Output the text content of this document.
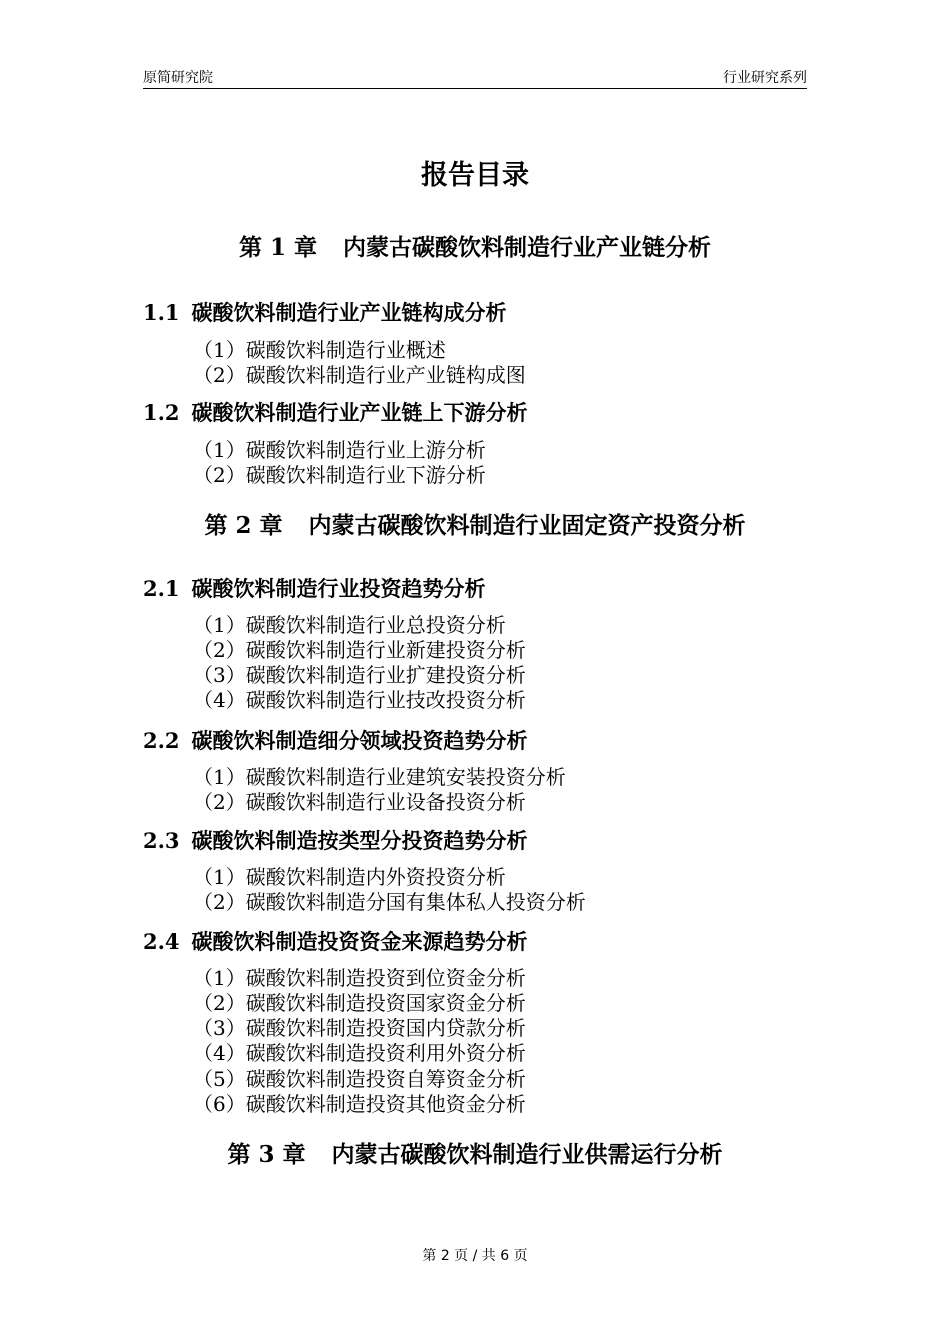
原简研究院	行业研究系列
报告目录
第 1 章 内蒙古碳酸饮料制造行业产业链分析
1.1 碳酸饮料制造行业产业链构成分析
（1）碳酸饮料制造行业概述
（2）碳酸饮料制造行业产业链构成图
1.2 碳酸饮料制造行业产业链上下游分析
（1）碳酸饮料制造行业上游分析
（2）碳酸饮料制造行业下游分析
第 2 章 内蒙古碳酸饮料制造行业固定资产投资分析
2.1 碳酸饮料制造行业投资趋势分析
（1）碳酸饮料制造行业总投资分析
（2）碳酸饮料制造行业新建投资分析
（3）碳酸饮料制造行业扩建投资分析
（4）碳酸饮料制造行业技改投资分析
2.2 碳酸饮料制造细分领域投资趋势分析
（1）碳酸饮料制造行业建筑安装投资分析
（2）碳酸饮料制造行业设备投资分析
2.3 碳酸饮料制造按类型分投资趋势分析
（1）碳酸饮料制造内外资投资分析
（2）碳酸饮料制造分国有集体私人投资分析
2.4 碳酸饮料制造投资资金来源趋势分析
（1）碳酸饮料制造投资到位资金分析
（2）碳酸饮料制造投资国家资金分析
（3）碳酸饮料制造投资国内贷款分析
（4）碳酸饮料制造投资利用外资分析
（5）碳酸饮料制造投资自筹资金分析
（6）碳酸饮料制造投资其他资金分析
第 3 章 内蒙古碳酸饮料制造行业供需运行分析
第 2 页 / 共 6 页
